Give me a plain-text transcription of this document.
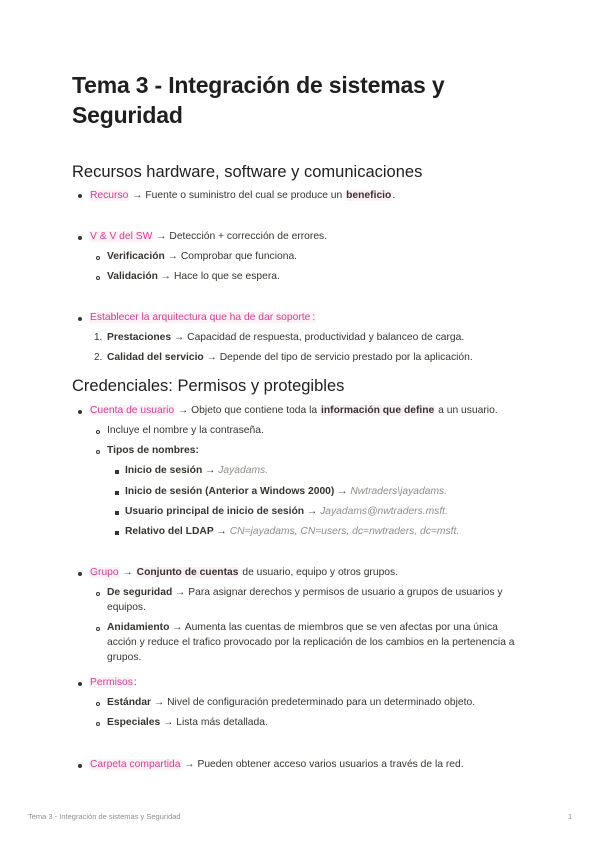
Tema 3 - Integración de sistemas y Seguridad
Recursos hardware, software y comunicaciones
Recurso → Fuente o suministro del cual se produce un beneficio.
V & V del SW → Detección + corrección de errores.
Verificación → Comprobar que funciona.
Validación → Hace lo que se espera.
Establecer la arquitectura que ha de dar soporte :
1. Prestaciones → Capacidad de respuesta, productividad y balanceo de carga.
2. Calidad del servicio → Depende del tipo de servicio prestado por la aplicación.
Credenciales: Permisos y protegibles
Cuenta de usuario → Objeto que contiene toda la información que define a un usuario.
Incluye el nombre y la contraseña.
Tipos de nombres:
Inicio de sesión → Jayadams.
Inicio de sesión (Anterior a Windows 2000) → Nwtraders\jayadams.
Usuario principal de inicio de sesión → Jayadams@nwtraders.msft.
Relativo del LDAP → CN=jayadams, CN=users, dc=nwtraders, dc=msft.
Grupo → Conjunto de cuentas de usuario, equipo y otros grupos.
De seguridad → Para asignar derechos y permisos de usuario a grupos de usuarios y equipos.
Anidamiento → Aumenta las cuentas de miembros que se ven afectas por una única acción y reduce el trafico provocado por la replicación de los cambios en la pertenencia a grupos.
Permisos:
Estándar → Nivel de configuración predeterminado para un determinado objeto.
Especiales → Lista más detallada.
Carpeta compartida → Pueden obtener acceso varios usuarios a través de la red.
Tema 3 - Integración de sistemas y Seguridad	1
